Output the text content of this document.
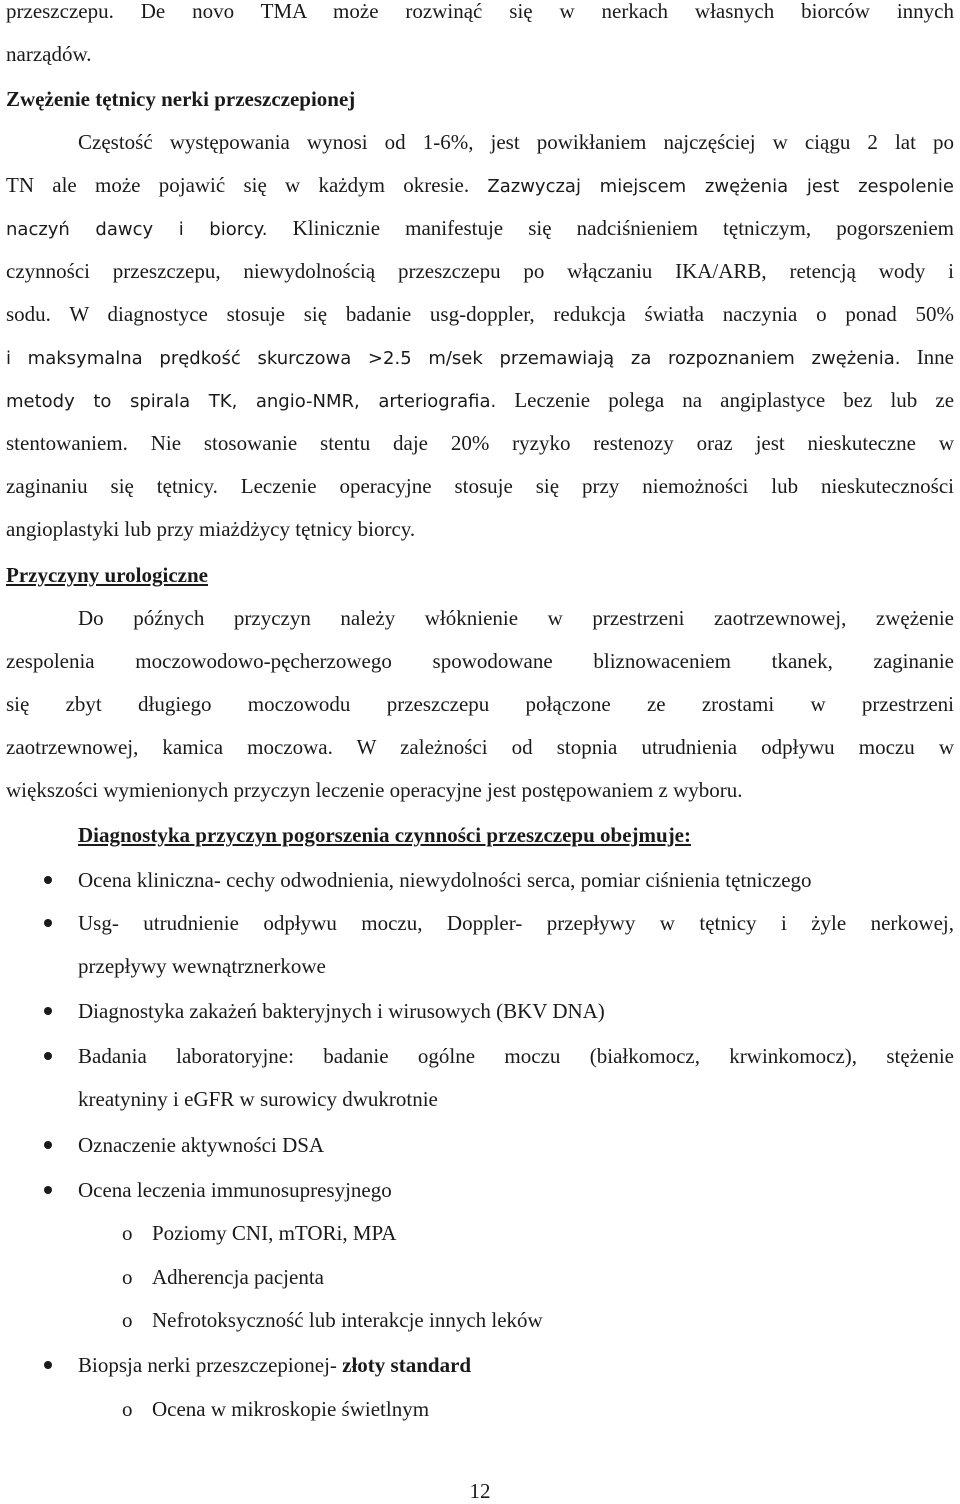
przeszczepu. De novo TMA może rozwinąć się w nerkach własnych biorców innych
narządów.
Zwężenie tętnicy nerki przeszczepionej
Częstość występowania wynosi od 1-6%, jest powikłaniem najczęściej w ciągu 2 lat po
TN ale może pojawić się w każdym okresie. Zazwyczaj miejscem zwężenia jest zespolenie
naczyń dawcy i biorcy. Klinicznie manifestuje się nadciśnieniem tętniczym, pogorszeniem
czynności przeszczepu, niewydolnością przeszczepu po włączaniu IKA/ARB, retencją wody i
sodu. W diagnostyce stosuje się badanie usg-doppler, redukcja światła naczynia o ponad 50%
i maksymalna prędkość skurczowa >2.5 m/sek przemawiają za rozpoznaniem zwężenia. Inne
metody to spirala TK, angio-NMR, arteriografia. Leczenie polega na angiplastyce bez lub ze
stentowaniem. Nie stosowanie stentu daje 20% ryzyko restenozy oraz jest nieskuteczne w
zaginaniu się tętnicy. Leczenie operacyjne stosuje się przy niemożności lub nieskuteczności
angioplastyki lub przy miażdżycy tętnicy biorcy.
Przyczyny urologiczne
Do późnych przyczyn należy włóknienie w przestrzeni zaotrzewnowej, zwężenie
zespolenia moczowodowo-pęcherzowego spowodowane bliznowaceniem tkanek, zaginanie
się zbyt długiego moczowodu przeszczepu połączone ze zrostami w przestrzeni
zaotrzewnowej, kamica moczowa. W zależności od stopnia utrudnienia odpływu moczu w
większości wymienionych przyczyn leczenie operacyjne jest postępowaniem z wyboru.
Diagnostyka przyczyn pogorszenia czynności przeszczepu obejmuje:
Ocena kliniczna- cechy odwodnienia, niewydolności serca, pomiar ciśnienia tętniczego
Usg- utrudnienie odpływu moczu, Doppler- przepływy w tętnicy i żyle nerkowej,
przepływy wewnątrznerkowe
Diagnostyka zakażeń bakteryjnych i wirusowych (BKV DNA)
Badania laboratoryjne: badanie ogólne moczu (białkomocz, krwinkomocz), stężenie
kreatyniny i eGFR w surowicy dwukrotnie
Oznaczenie aktywności DSA
Ocena leczenia immunosupresyjnego
o Poziomy CNI, mTORi, MPA
o Adherencja pacjenta
o Nefrotoksyczność lub interakcje innych leków
Biopsja nerki przeszczepionej- złoty standard
o Ocena w mikroskopie świetlnym
12
